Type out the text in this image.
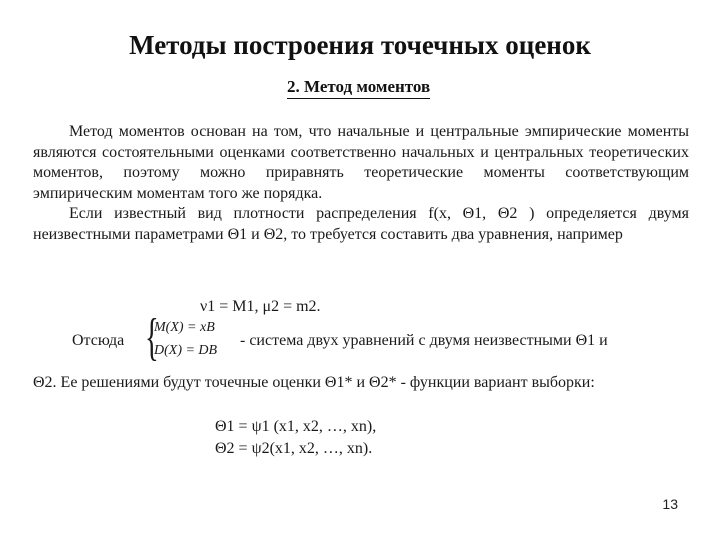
Методы построения точечных оценок
2. Метод моментов

Метод моментов основан на том, что начальные и центральные эмпирические моменты являются состоятельными оценками соответственно начальных и центральных теоретических моментов, поэтому можно приравнять теоретические моменты соответствующим эмпирическим моментам того же порядка.

Если известный вид плотности распределения f(x, Θ1, Θ2 ) определяется двумя неизвестными параметрами Θ1 и Θ2, то требуется составить два уравнения, например

ν1 = M1, μ2 = m2.
Отсюда {
M(X) = xB
D(X) = DB
- система двух уравнений с двумя неизвестными Θ1 и

Θ2. Ее решениями будут точечные оценки Θ1* и Θ2* - функции вариант выборки:

Θ1 = ψ1 (x1, x2, …, xn),
Θ2 = ψ2(x1, x2, …, xn).
13
